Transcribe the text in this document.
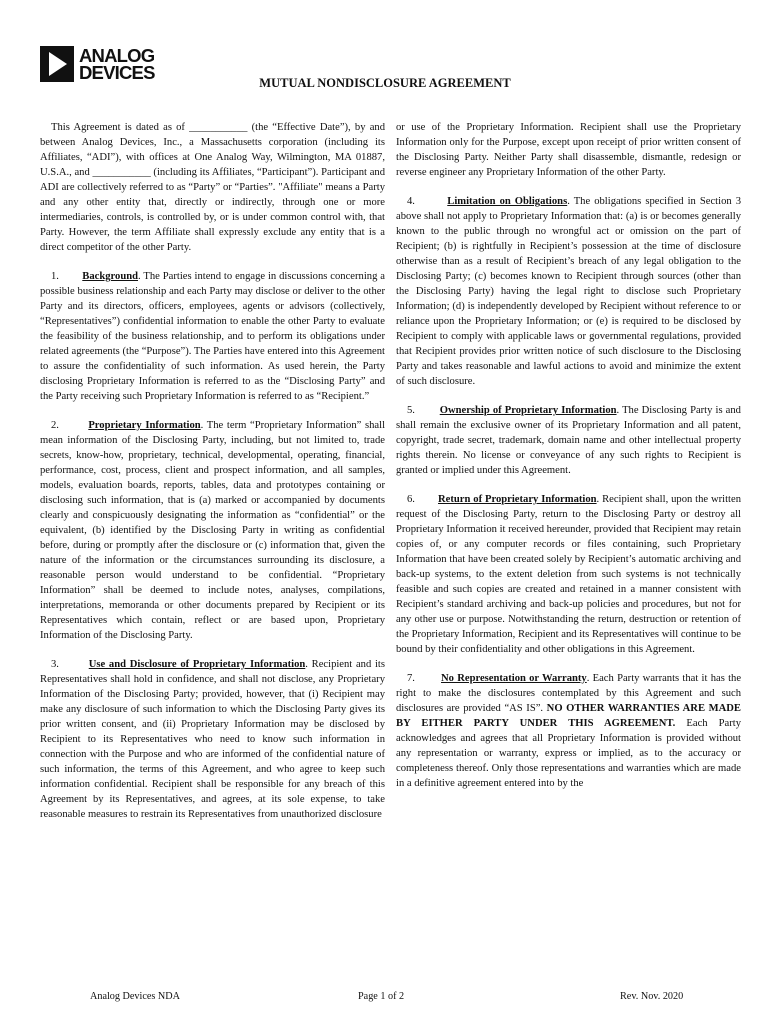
ANALOG
DEVICES	MUTUAL NONDISCLOSURE AGREEMENT

This Agreement is dated as of ___________ (the “Effective Date”), by and between Analog Devices, Inc., a Massachusetts corporation (including its Affiliates, “ADI”), with offices at One Analog Way, Wilmington, MA 01887, U.S.A., and ___________ (including its Affiliates, “Participant”). Participant and ADI are collectively referred to as “Party” or “Parties”. "Affiliate" means a Party and any other entity that, directly or indirectly, through one or more intermediaries, controls, is controlled by, or is under common control with, that Party. However, the term Affiliate shall expressly exclude any entity that is a direct competitor of the other Party.

1. Background. The Parties intend to engage in discussions concerning a possible business relationship and each Party may disclose or deliver to the other Party and its directors, officers, employees, agents or advisors (collectively, “Representatives”) confidential information to enable the other Party to evaluate the feasibility of the business relationship, and to perform its obligations under related agreements (the “Purpose”). The Parties have entered into this Agreement to assure the confidentiality of such information. As used herein, the Party disclosing Proprietary Information is referred to as the “Disclosing Party” and the Party receiving such Proprietary Information is referred to as “Recipient.”

2.	Proprietary Information. The term “Proprietary Information” shall mean information of the Disclosing Party, including, but not limited to, trade secrets, know-how, proprietary, technical, developmental, operating, financial, performance, cost, process, client and prospect information, and all samples, models, evaluation boards, reports, tables, data and prototypes containing or disclosing such information, that is (a) marked or accompanied by documents clearly and conspicuously designating the information as “confidential” or the equivalent, (b) identified by the Disclosing Party in writing as confidential before, during or promptly after the disclosure or (c) information that, given the nature of the information or the circumstances surrounding its disclosure, a reasonable person would understand to be confidential. “Proprietary Information” shall be deemed to include notes, analyses, compilations, interpretations, memoranda or other documents prepared by Recipient or its Representatives which contain, reflect or are based upon, Proprietary Information of the Disclosing Party.

3.	Use and Disclosure of Proprietary Information. Recipient and its Representatives shall hold in confidence, and shall not disclose, any Proprietary Information of the Disclosing Party; provided, however, that (i) Recipient may make any disclosure of such information to which the Disclosing Party gives its prior written consent, and (ii) Proprietary Information may be disclosed by Recipient to its Representatives who need to know such information in connection with the Purpose and who are informed of the confidential nature of such information, the terms of this Agreement, and who agree to keep such information confidential. Recipient shall be responsible for any breach of this Agreement by its Representatives, and agrees, at its sole expense, to take reasonable measures to restrain its Representatives from unauthorized disclosure

or use of the Proprietary Information. Recipient shall use the Proprietary Information only for the Purpose, except upon receipt of prior written consent of the Disclosing Party. Neither Party shall disassemble, dismantle, redesign or reverse engineer any Proprietary Information of the other Party.

4.	Limitation on Obligations. The obligations specified in Section 3 above shall not apply to Proprietary Information that: (a) is or becomes generally known to the public through no wrongful act or omission on the part of Recipient; (b) is rightfully in Recipient’s possession at the time of disclosure otherwise than as a result of Recipient’s breach of any legal obligation to the Disclosing Party; (c) becomes known to Recipient through sources (other than the Disclosing Party) having the legal right to disclose such Proprietary Information; (d) is independently developed by Recipient without reference to or reliance upon the Proprietary Information; or (e) is required to be disclosed by Recipient to comply with applicable laws or governmental regulations, provided that Recipient provides prior written notice of such disclosure to the Disclosing Party and takes reasonable and lawful actions to avoid and minimize the extent of such disclosure.

5. Ownership of Proprietary Information. The Disclosing Party is and shall remain the exclusive owner of its Proprietary Information and all patent, copyright, trade secret, trademark, domain name and other intellectual property rights therein. No license or conveyance of any such rights to Recipient is granted or implied under this Agreement.

6. Return of Proprietary Information. Recipient shall, upon the written request of the Disclosing Party, return to the Disclosing Party or destroy all Proprietary Information it received hereunder, provided that Recipient may retain copies of, or any computer records or files containing, such Proprietary Information that have been created solely by Recipient’s automatic archiving and back-up systems, to the extent deletion from such systems is not technically feasible and such copies are created and retained in a manner consistent with Recipient’s standard archiving and back-up policies and procedures, but not for any other use or purpose. Notwithstanding the return, destruction or retention of the Proprietary Information, Recipient and its Representatives will continue to be bound by their confidentiality and other obligations in this Agreement.

7. No Representation or Warranty. Each Party warrants that it has the right to make the disclosures contemplated by this Agreement and such disclosures are provided “AS IS”. NO OTHER WARRANTIES ARE MADE BY EITHER PARTY UNDER THIS AGREEMENT. Each Party acknowledges and agrees that all Proprietary Information is provided without any representation or warranty, express or implied, as to the accuracy or completeness thereof. Only those representations and warranties which are made in a definitive agreement entered into by the

Analog Devices NDA	Page 1 of 2	Rev. Nov. 2020
